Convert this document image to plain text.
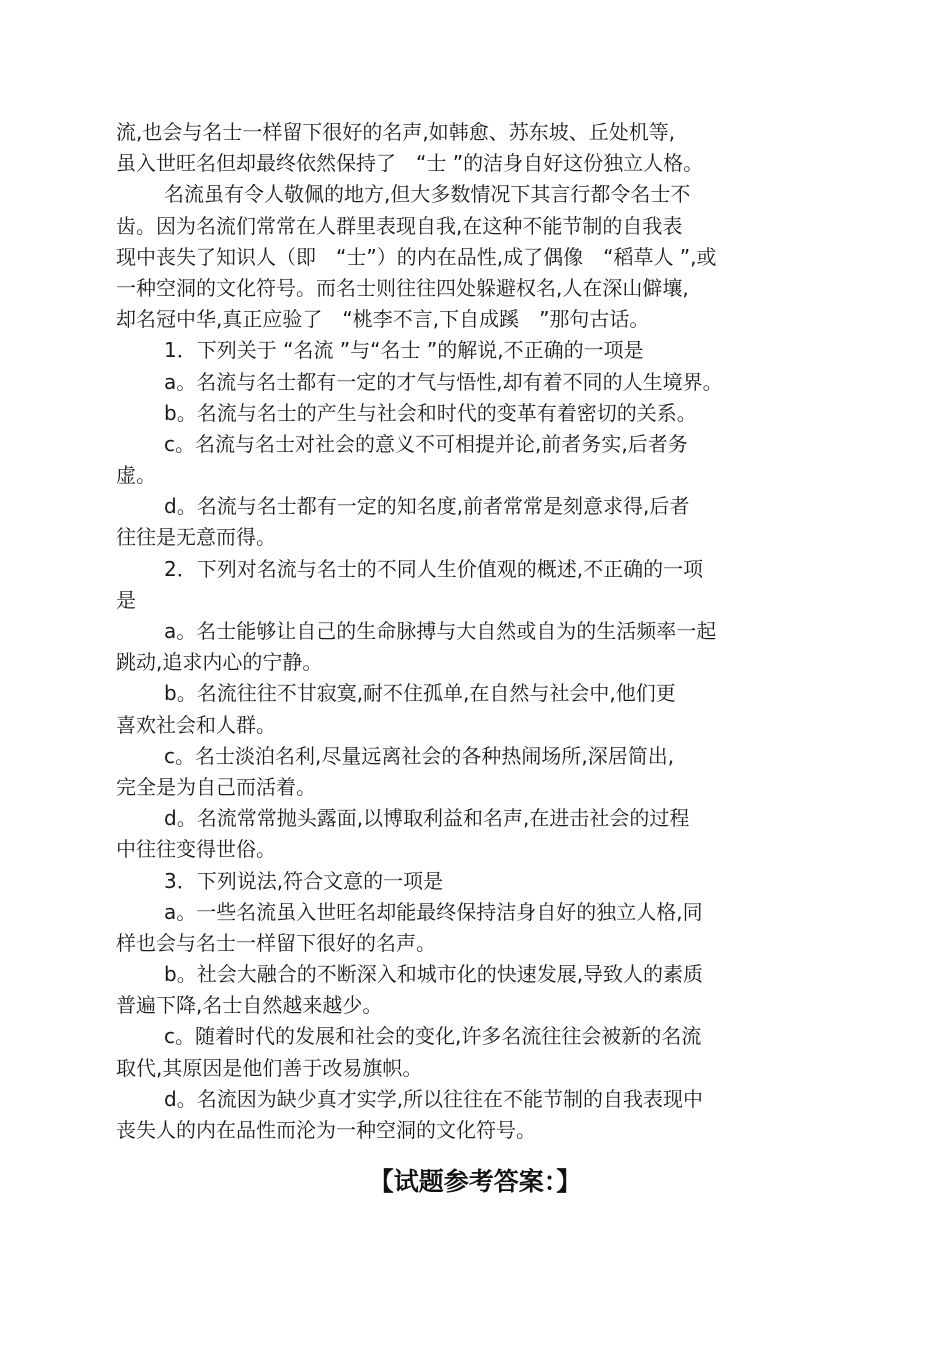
流,也会与名士一样留下很好的名声,如韩愈、苏东坡、丘处机等,
虽入世旺名但却最终依然保持了　“士 ”的洁身自好这份独立人格。
名流虽有令人敬佩的地方,但大多数情况下其言行都令名士不
齿。因为名流们常常在人群里表现自我,在这种不能节制的自我表
现中丧失了知识人（即　“士”）的内在品性,成了偶像　“稻草人 ”,或
一种空洞的文化符号。而名士则往往四处躲避权名,人在深山僻壤,
却名冠中华,真正应验了　“桃李不言,下自成蹊　”那句古话。
1．下列关于 “名流 ”与“名士 ”的解说,不正确的一项是
a。名流与名士都有一定的才气与悟性,却有着不同的人生境界。
b。名流与名士的产生与社会和时代的变革有着密切的关系。
c。名流与名士对社会的意义不可相提并论,前者务实,后者务
虚。
d。名流与名士都有一定的知名度,前者常常是刻意求得,后者
往往是无意而得。
2．下列对名流与名士的不同人生价值观的概述,不正确的一项
是
a。名士能够让自己的生命脉搏与大自然或自为的生活频率一起
跳动,追求内心的宁静。
b。名流往往不甘寂寞,耐不住孤单,在自然与社会中,他们更
喜欢社会和人群。
c。名士淡泊名利,尽量远离社会的各种热闹场所,深居简出,
完全是为自己而活着。
d。名流常常抛头露面,以博取利益和名声,在进击社会的过程
中往往变得世俗。
3．下列说法,符合文意的一项是
a。一些名流虽入世旺名却能最终保持洁身自好的独立人格,同
样也会与名士一样留下很好的名声。
b。社会大融合的不断深入和城市化的快速发展,导致人的素质
普遍下降,名士自然越来越少。
c。随着时代的发展和社会的变化,许多名流往往会被新的名流
取代,其原因是他们善于改易旗帜。
d。名流因为缺少真才实学,所以往往在不能节制的自我表现中
丧失人的内在品性而沦为一种空洞的文化符号。
【试题参考答案：】
